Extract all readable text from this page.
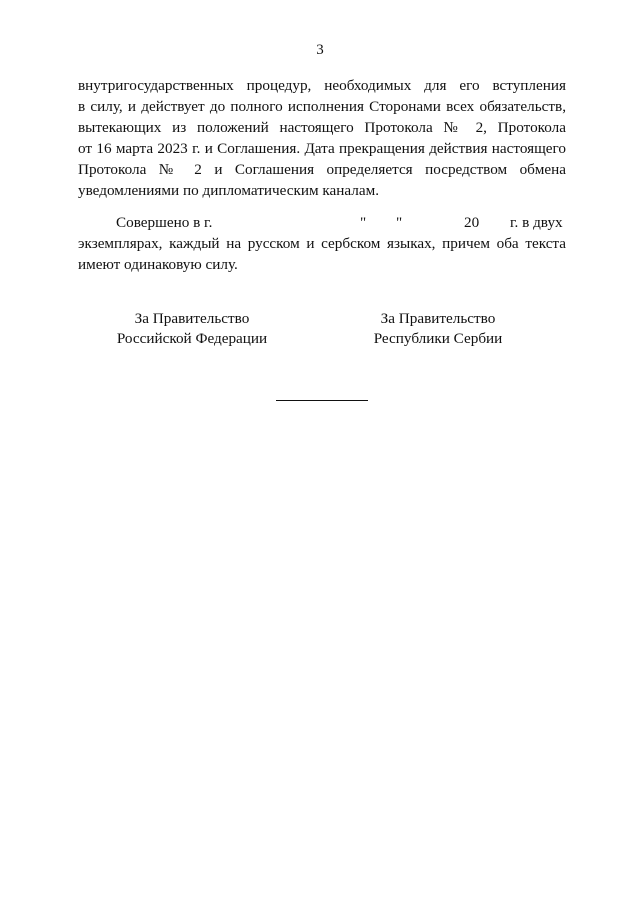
3

внутригосударственных процедур, необходимых для его вступления

в силу, и действует до полного исполнения Сторонами всех обязательств,

вытекающих из положений настоящего Протокола № 2, Протокола

от 16 марта 2023 г. и Соглашения. Дата прекращения действия настоящего

Протокола № 2 и Соглашения определяется посредством обмена

уведомлениями по дипломатическим каналам.

Совершено в г.	" "	20 г. в двух

экземплярах, каждый на русском и сербском языках, причем оба текста

имеют одинаковую силу.

За Правительство
Российской Федерации
За Правительство
Республики Сербии
